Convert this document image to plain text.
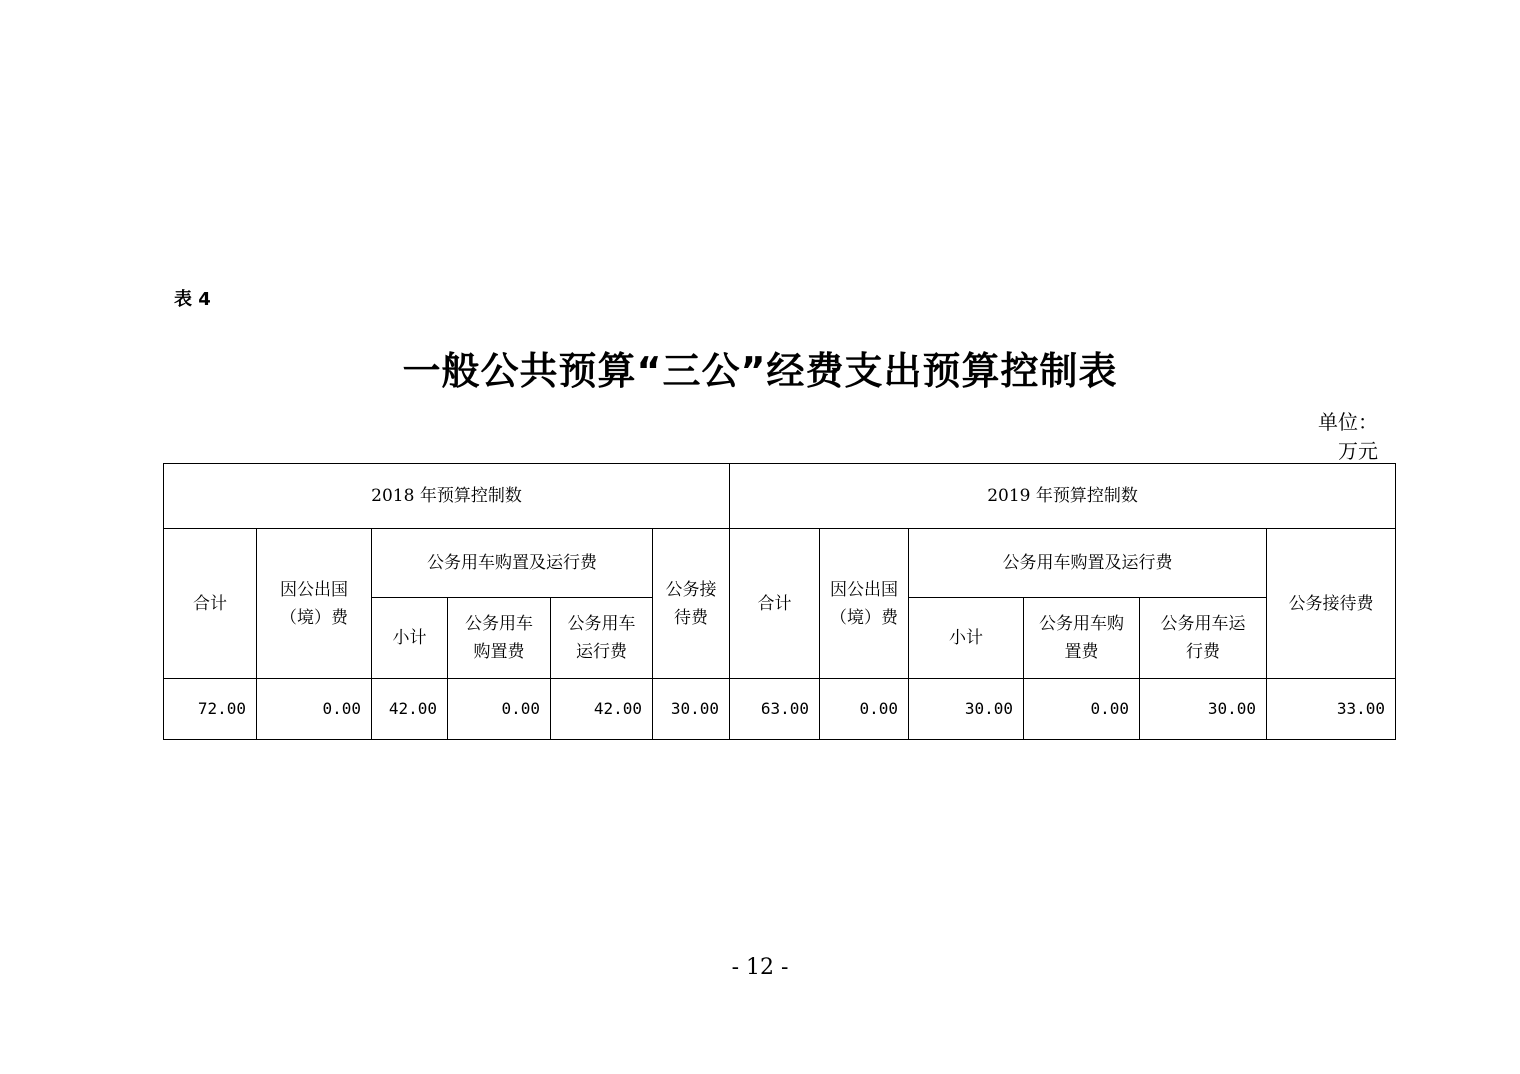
表 4
一般公共预算“三公”经费支出预算控制表
单位：
万元
2018 年预算控制数						2019 年预算控制数					
合计	因公出国（境）费	公务用车购置及运行费			公务接待费	合计	因公出国（境）费	公务用车购置及运行费			公务接待费
		小计	公务用车购置费	公务用车运行费				小计	公务用车购置费	公务用车运行费	
72.00	0.00	42.00	0.00	42.00	30.00	63.00	0.00	30.00	0.00	30.00	33.00
- 12 -
